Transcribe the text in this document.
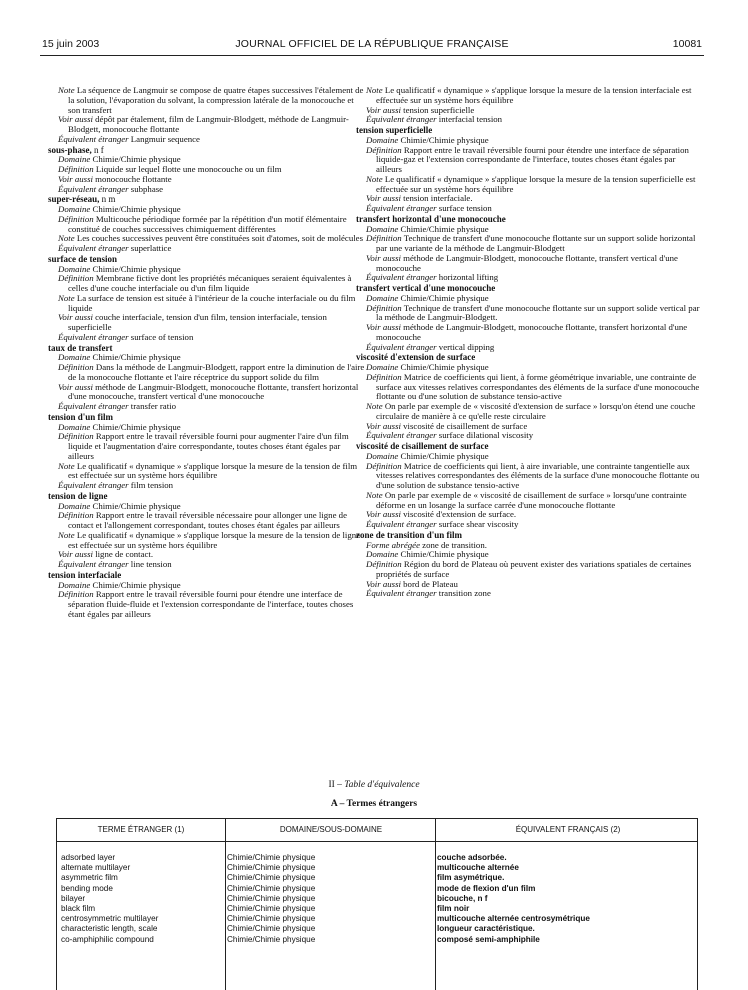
15 juin 2003	JOURNAL OFFICIEL DE LA RÉPUBLIQUE FRANÇAISE	10081
Note La séquence de Langmuir se compose de quatre étapes successives l'étalement de la solution, l'évaporation du solvant, la compression latérale de la monocouche et son transfert
Voir aussi dépôt par étalement, film de Langmuir-Blodgett, méthode de Langmuir-Blodgett, monocouche flottante
Équivalent étranger Langmuir sequence
sous-phase, n f
Domaine Chimie/Chimie physique
Définition Liquide sur lequel flotte une monocouche ou un film
Voir aussi monocouche flottante
Équivalent étranger subphase
super-réseau, n m
Domaine Chimie/Chimie physique
Définition Multicouche périodique formée par la répétition d'un motif élémentaire constitué de couches successives chimiquement différentes
Note Les couches successives peuvent être constituées soit d'atomes, soit de molécules
Équivalent étranger superlattice
surface de tension
Domaine Chimie/Chimie physique
Définition Membrane fictive dont les propriétés mécaniques seraient équivalentes à celles d'une couche interfaciale ou d'un film liquide
Note La surface de tension est située à l'intérieur de la couche interfaciale ou du film liquide
Voir aussi couche interfaciale, tension d'un film, tension interfaciale, tension superficielle
Équivalent étranger surface of tension
taux de transfert
Domaine Chimie/Chimie physique
Définition Dans la méthode de Langmuir-Blodgett, rapport entre la diminution de l'aire de la monocouche flottante et l'aire réceptrice du support solide du film
Voir aussi méthode de Langmuir-Blodgett, monocouche flottante, transfert horizontal d'une monocouche, transfert vertical d'une monocouche
Équivalent étranger transfer ratio
tension d'un film
Domaine Chimie/Chimie physique
Définition Rapport entre le travail réversible fourni pour augmenter l'aire d'un film liquide et l'augmentation d'aire correspondante, toutes choses étant égales par ailleurs
Note Le qualificatif « dynamique » s'applique lorsque la mesure de la tension de film est effectuée sur un système hors équilibre
Équivalent étranger film tension
tension de ligne
Domaine Chimie/Chimie physique
Définition Rapport entre le travail réversible nécessaire pour allonger une ligne de contact et l'allongement correspondant, toutes choses étant égales par ailleurs
Note Le qualificatif « dynamique » s'applique lorsque la mesure de la tension de ligne est effectuée sur un système hors équilibre
Voir aussi ligne de contact.
Équivalent étranger line tension
tension interfaciale
Domaine Chimie/Chimie physique
Définition Rapport entre le travail réversible fourni pour étendre une interface de séparation fluide-fluide et l'extension correspondante de l'interface, toutes choses étant égales par ailleurs
Note Le qualificatif « dynamique » s'applique lorsque la mesure de la tension interfaciale est effectuée sur un système hors équilibre
Voir aussi tension superficielle
Équivalent étranger interfacial tension
tension superficielle
Domaine Chimie/Chimie physique
Définition Rapport entre le travail réversible fourni pour étendre une interface de séparation liquide-gaz et l'extension correspondante de l'interface, toutes choses étant égales par ailleurs
Note Le qualificatif « dynamique » s'applique lorsque la mesure de la tension superficielle est effectuée sur un système hors équilibre
Voir aussi tension interfaciale.
Équivalent étranger surface tension
transfert horizontal d'une monocouche
Domaine Chimie/Chimie physique
Définition Technique de transfert d'une monocouche flottante sur un support solide horizontal par une variante de la méthode de Langmuir-Blodgett
Voir aussi méthode de Langmuir-Blodgett, monocouche flottante, transfert vertical d'une monocouche
Équivalent étranger horizontal lifting
transfert vertical d'une monocouche
Domaine Chimie/Chimie physique
Définition Technique de transfert d'une monocouche flottante sur un support solide vertical par la méthode de Langmuir-Blodgett.
Voir aussi méthode de Langmuir-Blodgett, monocouche flottante, transfert horizontal d'une monocouche
Équivalent étranger vertical dipping
viscosité d'extension de surface
Domaine Chimie/Chimie physique
Définition Matrice de coefficients qui lient, à forme géométrique invariable, une contrainte de surface aux vitesses relatives correspondantes des éléments de la surface d'une monocouche flottante ou d'une solution de substance tensio-active
Note On parle par exemple de « viscosité d'extension de surface » lorsqu'on étend une couche circulaire de manière à ce qu'elle reste circulaire
Voir aussi viscosité de cisaillement de surface
Équivalent étranger surface dilational viscosity
viscosité de cisaillement de surface
Domaine Chimie/Chimie physique
Définition Matrice de coefficients qui lient, à aire invariable, une contrainte tangentielle aux vitesses relatives correspondantes des éléments de la surface d'une monocouche flottante ou d'une solution de substance tensio-active
Note On parle par exemple de « viscosité de cisaillement de surface » lorsqu'une contrainte déforme en un losange la surface carrée d'une monocouche flottante
Voir aussi viscosité d'extension de surface.
Équivalent étranger surface shear viscosity
zone de transition d'un film
Forme abrégée zone de transition.
Domaine Chimie/Chimie physique
Définition Région du bord de Plateau où peuvent exister des variations spatiales de certaines propriétés de surface
Voir aussi bord de Plateau
Équivalent étranger transition zone
II – Table d'équivalence
A – Termes étrangers
TERME ÉTRANGER (1)	DOMAINE/SOUS-DOMAINE	ÉQUIVALENT FRANÇAIS (2)
adsorbed layer	Chimie/Chimie physique	couche adsorbée.
alternate multilayer	Chimie/Chimie physique	multicouche alternée
asymmetric film	Chimie/Chimie physique	film asymétrique.
bending mode	Chimie/Chimie physique	mode de flexion d'un film
bilayer	Chimie/Chimie physique	bicouche, n f
black film	Chimie/Chimie physique	film noir
centrosymmetric multilayer	Chimie/Chimie physique	multicouche alternée centrosymétrique
characteristic length, scale	Chimie/Chimie physique	longueur caractéristique.
co-amphiphilic compound	Chimie/Chimie physique	composé semi-amphiphile
